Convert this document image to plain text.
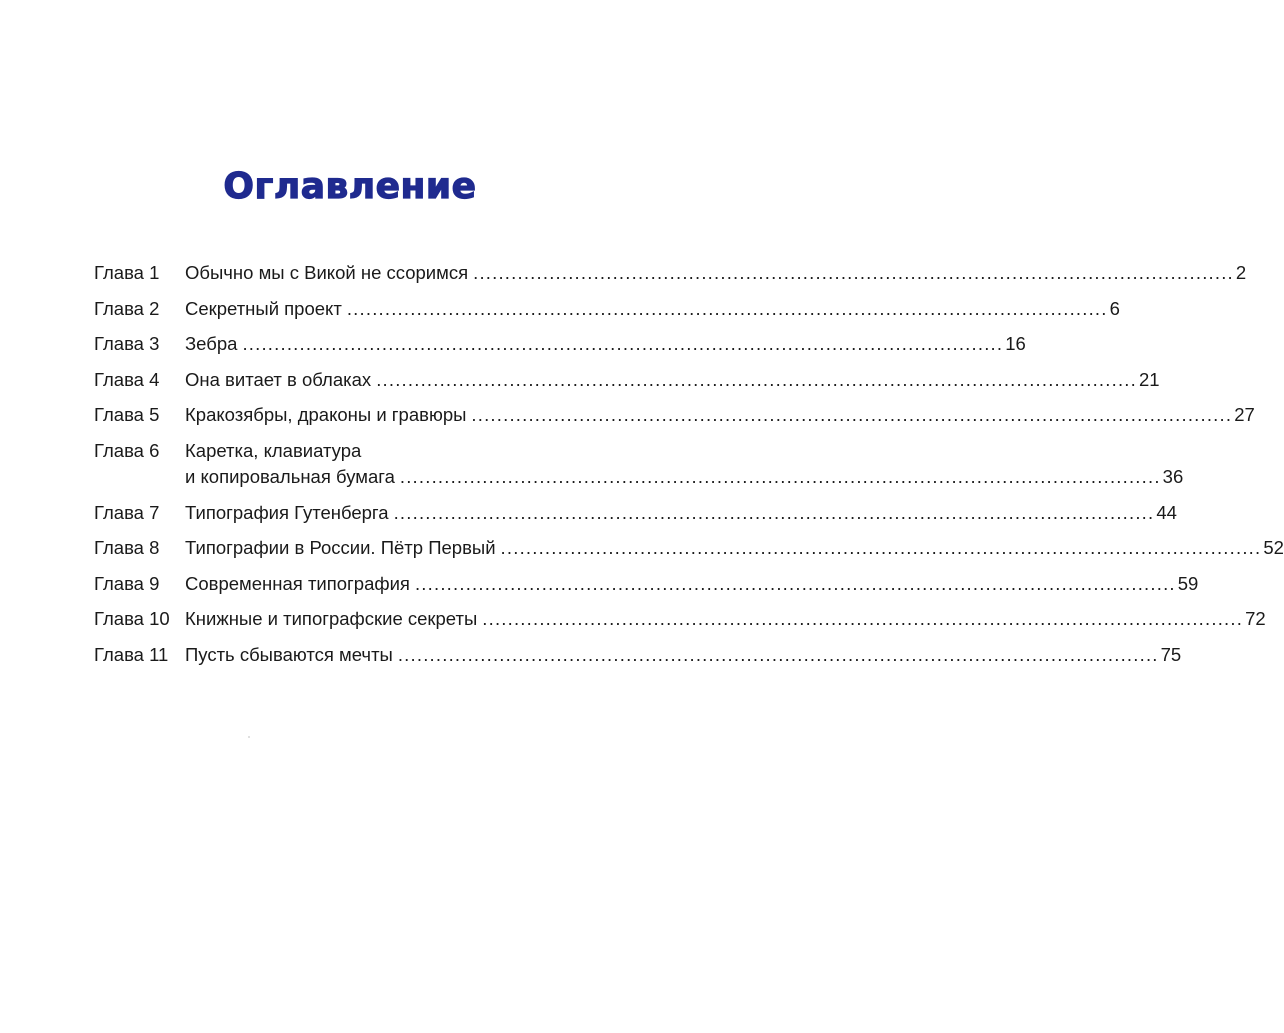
Оглавление
Глава 1	Обычно мы с Викой не ссоримся ........................................................................................................................ 2
Глава 2	Секретный проект ........................................................................................................................ 6
Глава 3	Зебра ........................................................................................................................ 16
Глава 4	Она витает в облаках ........................................................................................................................ 21
Глава 5	Кракозябры, драконы и гравюры ........................................................................................................................ 27
Глава 6	Каретка, клавиатура
и копировальная бумага ........................................................................................................................ 36
Глава 7	Типография Гутенберга ........................................................................................................................ 44
Глава 8	Типографии в России. Пётр Первый ........................................................................................................................ 52
Глава 9	Современная типография ........................................................................................................................ 59
Глава 10 Книжные и типографские секреты ........................................................................................................................ 72
Глава 11 Пусть сбываются мечты ........................................................................................................................ 75
